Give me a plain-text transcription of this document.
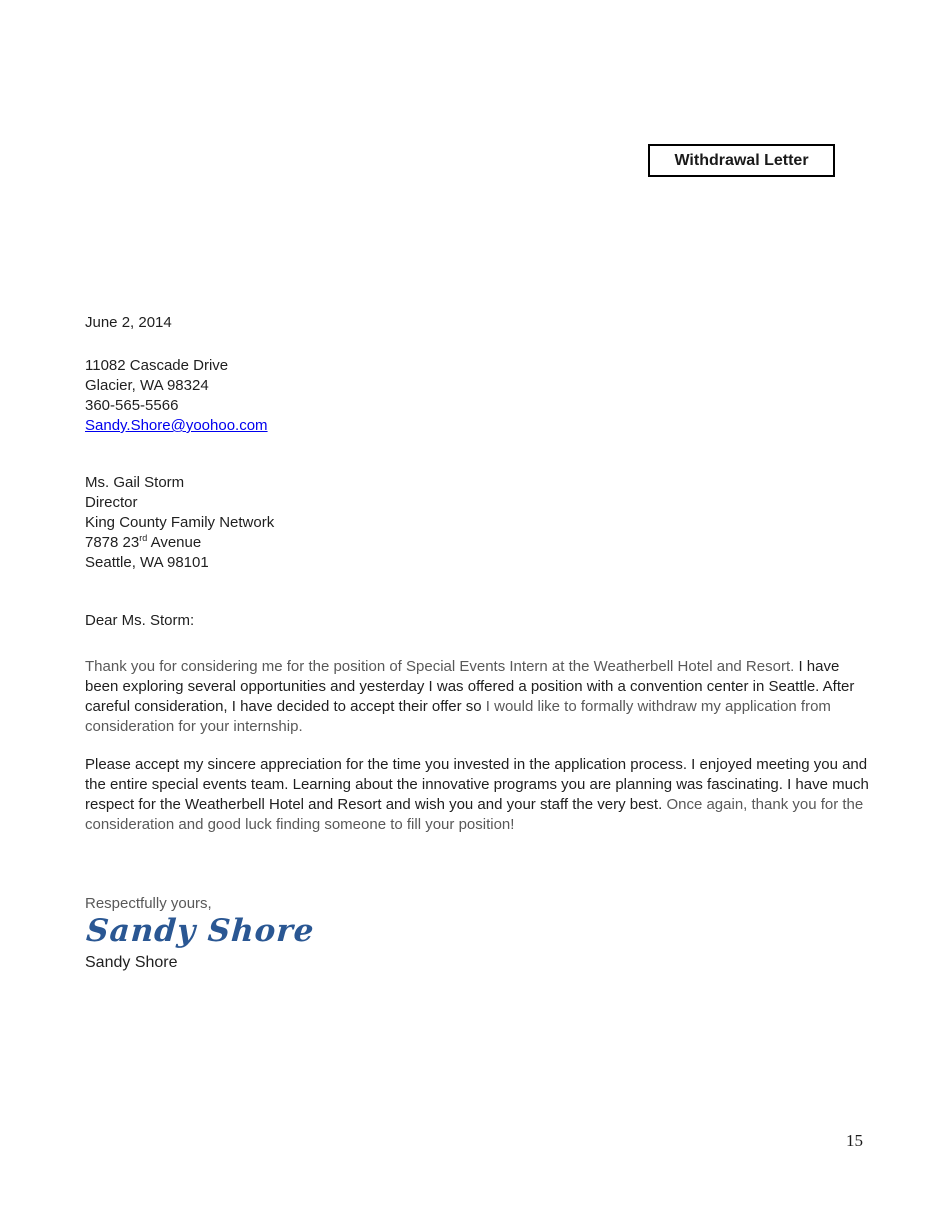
Withdrawal Letter
June 2, 2014
11082 Cascade Drive
Glacier, WA 98324
360-565-5566
Sandy.Shore@yoohoo.com
Ms. Gail Storm
Director
King County Family Network
7878 23rd Avenue
Seattle, WA 98101
Dear Ms. Storm:
Thank you for considering me for the position of Special Events Intern at the Weatherbell Hotel and Resort. I have been exploring several opportunities and yesterday I was offered a position with a convention center in Seattle. After careful consideration, I have decided to accept their offer so I would like to formally withdraw my application from consideration for your internship.
Please accept my sincere appreciation for the time you invested in the application process. I enjoyed meeting you and the entire special events team. Learning about the innovative programs you are planning was fascinating. I have much respect for the Weatherbell Hotel and Resort and wish you and your staff the very best. Once again, thank you for the consideration and good luck finding someone to fill your position!
Respectfully yours,
Sandy Shore
Sandy Shore
15
